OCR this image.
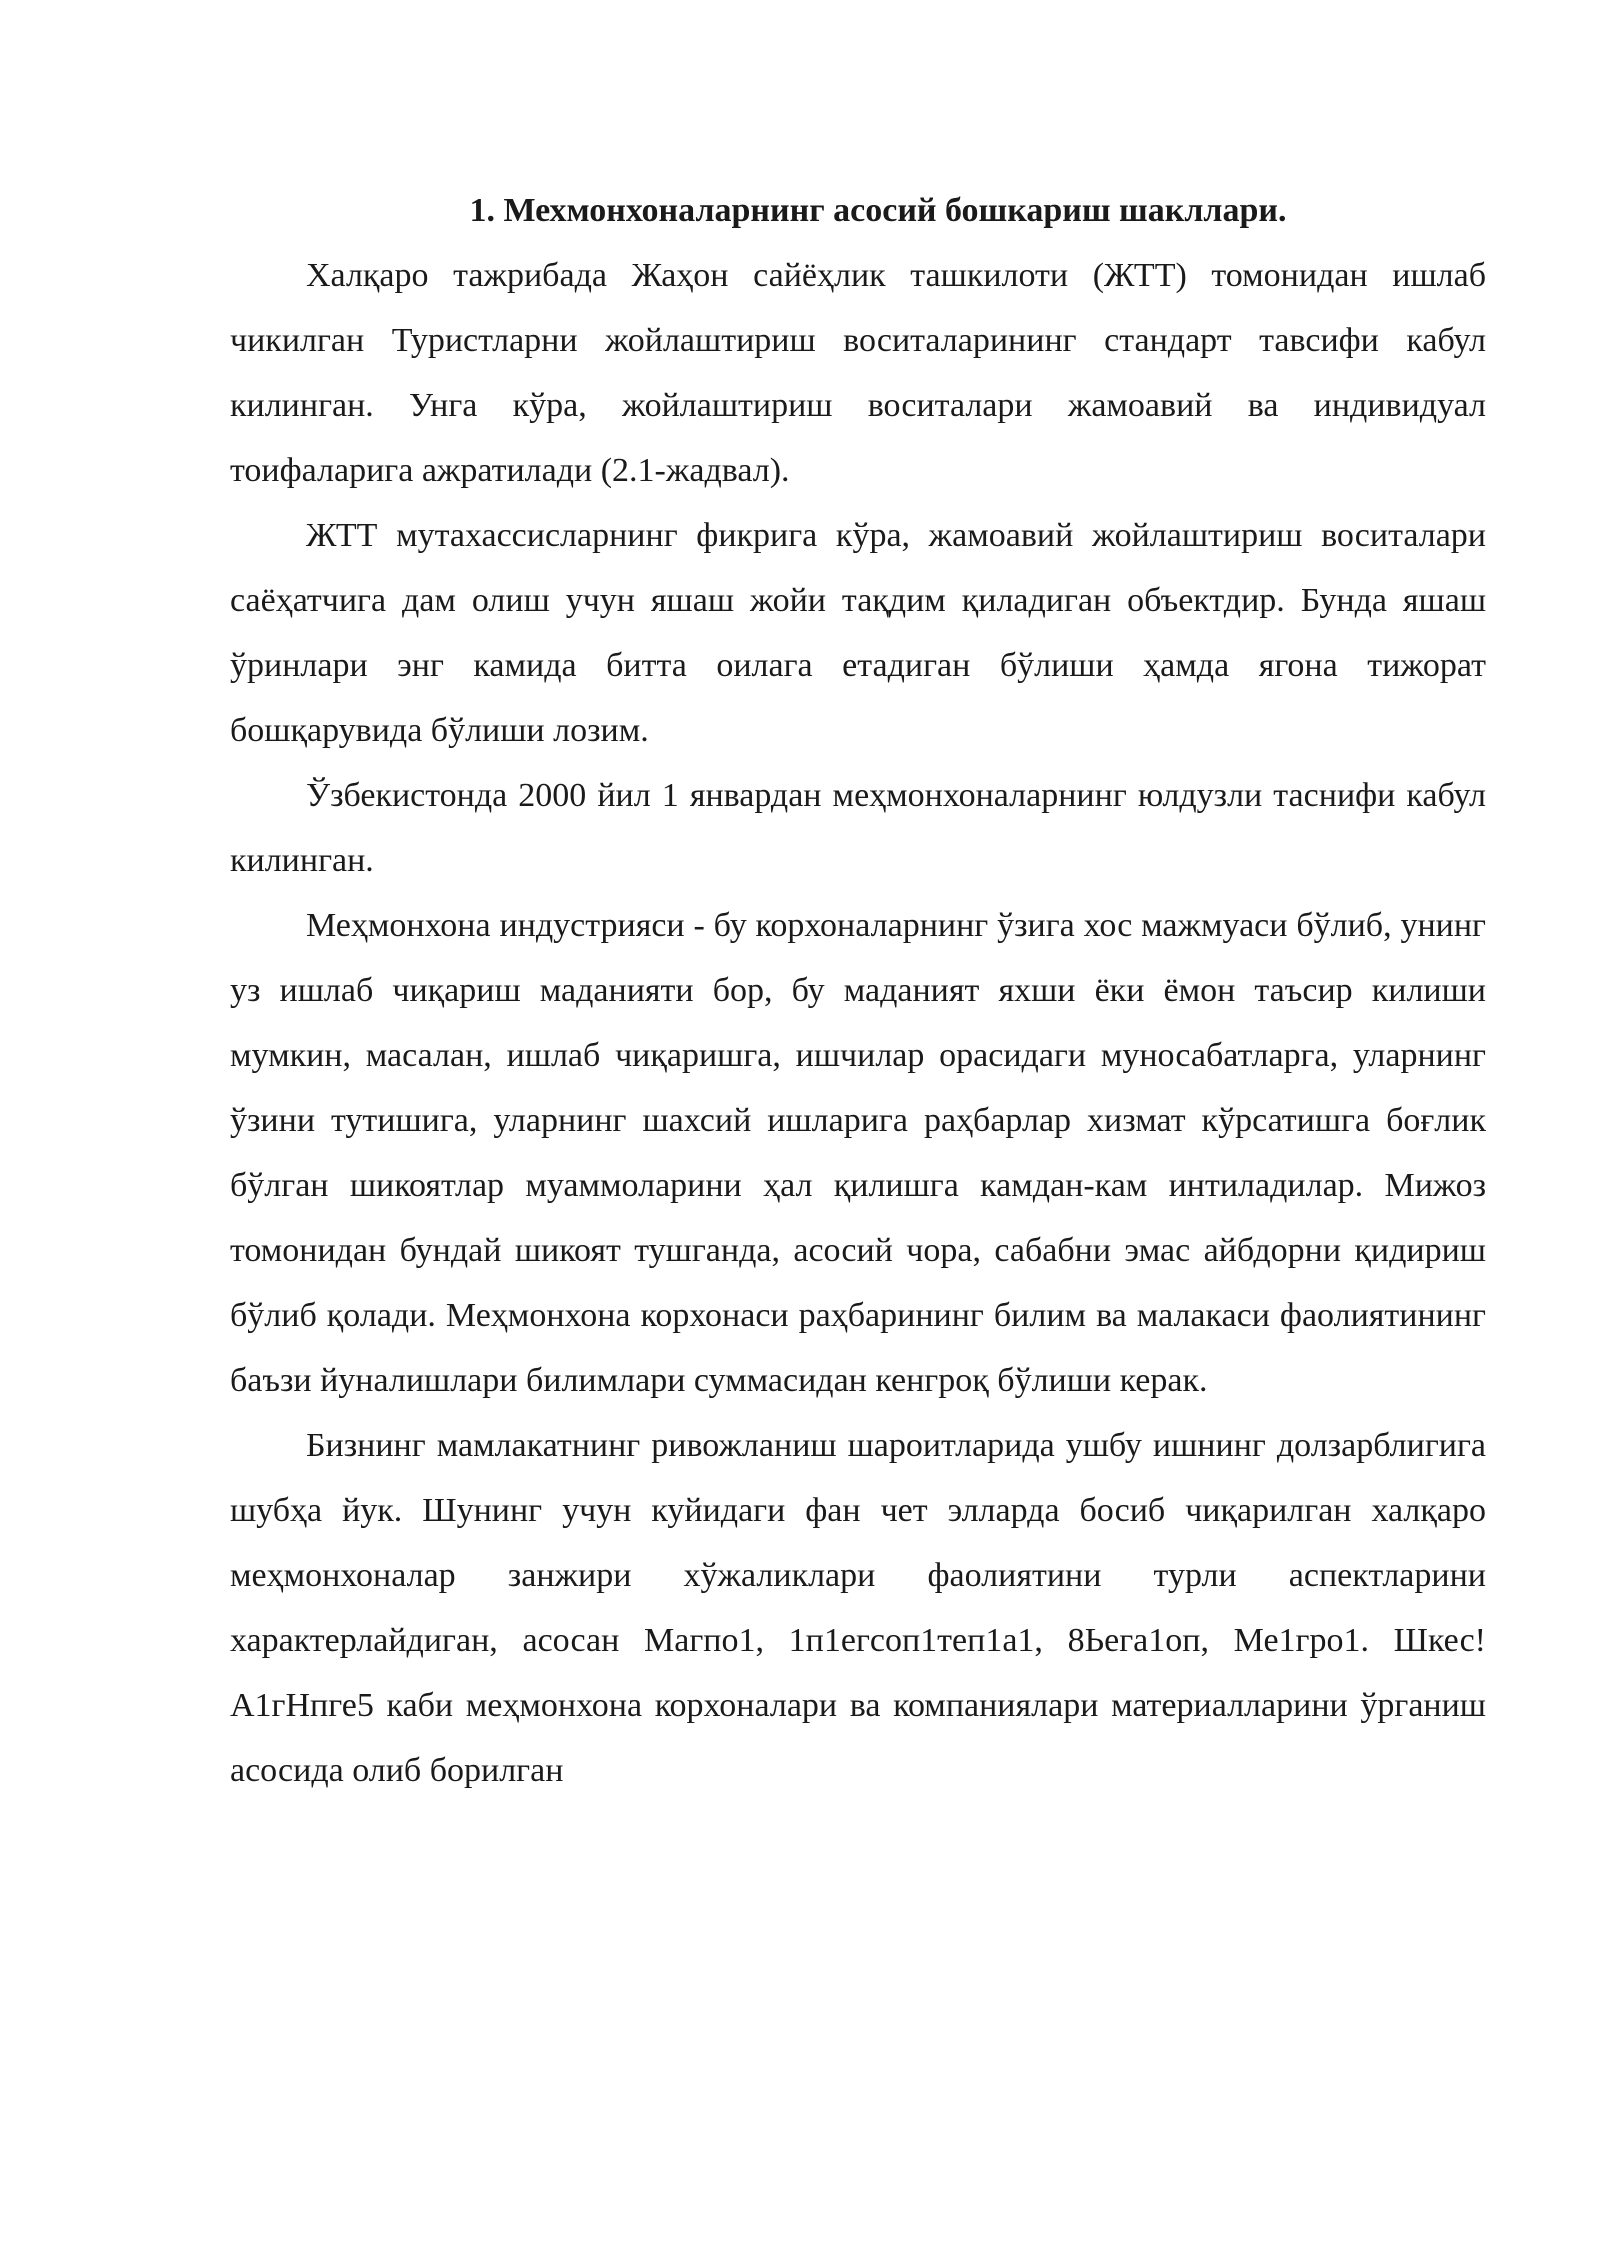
1. Мехмонхоналарнинг асосий бошкариш шакллари.

Халқаро тажрибада Жаҳон сайёҳлик ташкилоти (ЖТТ) томонидан ишлаб чикилган Туристларни жойлаштириш воситаларининг стандарт тавсифи кабул килинган. Унга кўра, жойлаштириш воситалари жамоавий ва индивидуал тоифаларига ажратилади (2.1-жадвал).

ЖТТ мутахассисларнинг фикрига кўра, жамоавий жойлаштириш воситалари саёҳатчига дам олиш учун яшаш жойи тақдим қиладиган объектдир. Бунда яшаш ўринлари энг камида битта оилага етадиган бўлиши ҳамда ягона тижорат бошқарувида бўлиши лозим.

Ўзбекистонда 2000 йил 1 январдан меҳмонхоналарнинг юлдузли таснифи кабул килинган.

Меҳмонхона индустрияси - бу корхоналарнинг ўзига хос мажмуаси бўлиб, унинг уз ишлаб чиқариш маданияти бор, бу маданият яхши ёки ёмон таъсир килиши мумкин, масалан, ишлаб чиқаришга, ишчилар орасидаги муносабатларга, уларнинг ўзини тутишига, уларнинг шахсий ишларига раҳбарлар хизмат кўрсатишга боғлик бўлган шикоятлар муаммоларини ҳал қилишга камдан-кам интиладилар. Мижоз томонидан бундай шикоят тушганда, асосий чора, сабабни эмас айбдорни қидириш бўлиб қолади. Меҳмонхона корхонаси раҳбарининг билим ва малакаси фаолиятининг баъзи йуналишлари билимлари суммасидан кенгроқ бўлиши керак.

Бизнинг мамлакатнинг ривожланиш шароитларида ушбу ишнинг долзарблигига шубҳа йук. Шунинг учун куйидаги фан чет элларда босиб чиқарилган халқаро меҳмонхоналар занжири хўжаликлари фаолиятини турли аспектларини характерлайдиган, асосан Магпо1, 1п1егсоп1теп1а1, 8Ьега1оп, Ме1гро1. Шкес! А1гНпге5 каби меҳмонхона корхоналари ва компаниялари материалларини ўрганиш асосида олиб борилган
